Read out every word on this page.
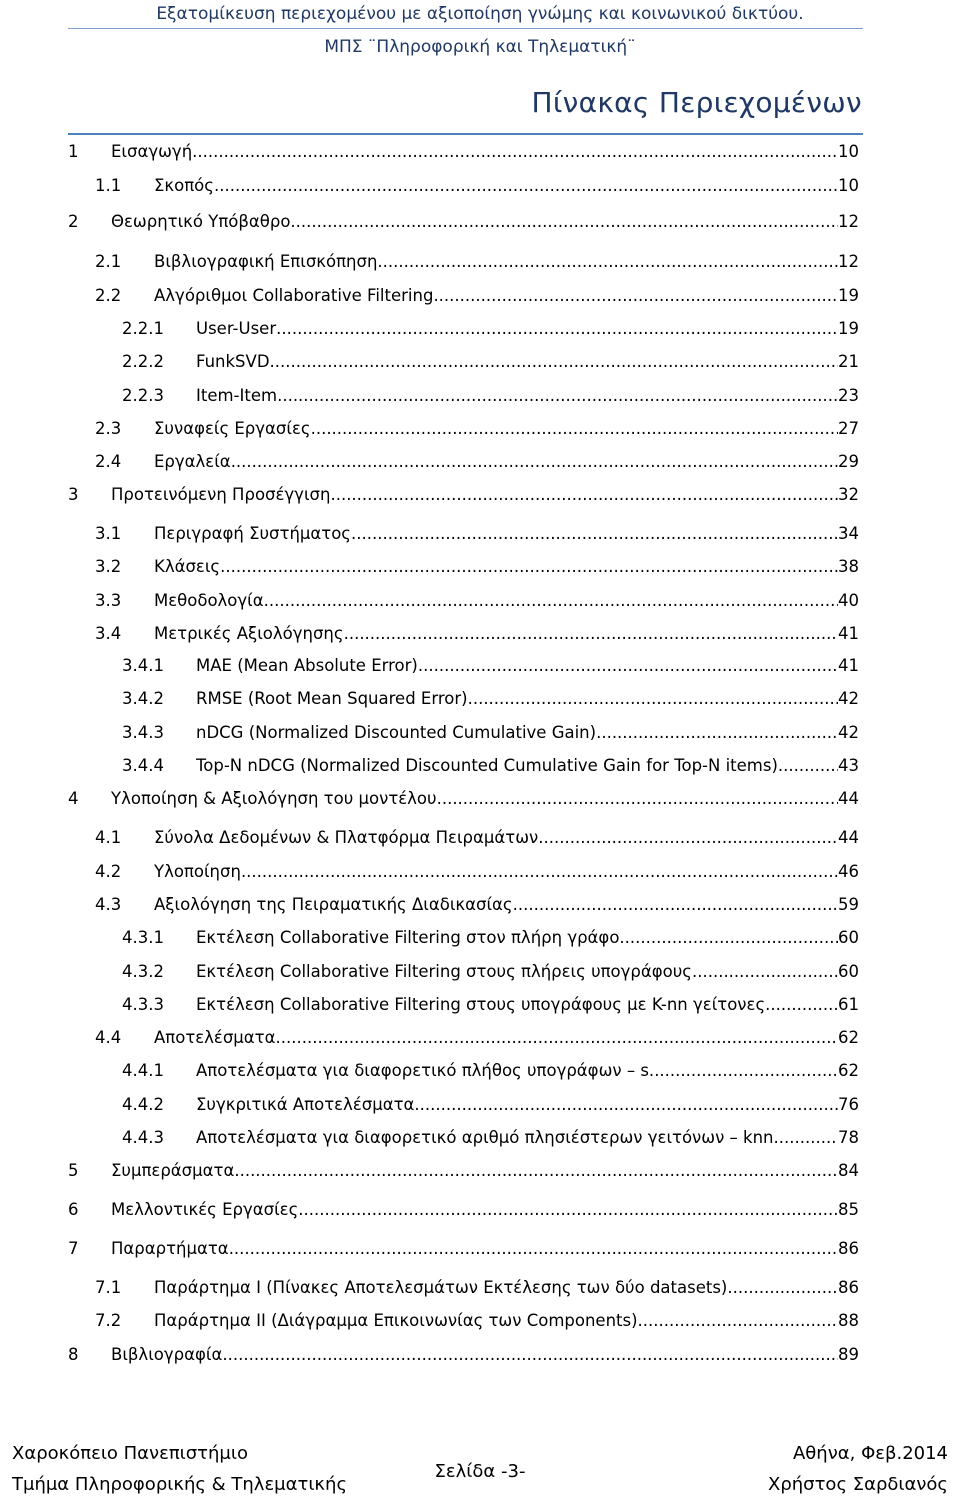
Εξατομίκευση περιεχομένου με αξιοποίηση γνώμης και κοινωνικού δικτύου.
ΜΠΣ ¨Πληροφορική και Τηλεματική¨
Πίνακας Περιεχομένων
1 Εισαγωγή .....	10
1.1 Σκοπός .....	10
2 Θεωρητικό Υπόβαθρο .....	12
2.1 Βιβλιογραφική Επισκόπηση .....	12
2.2 Αλγόριθμοι Collaborative Filtering .....	19
2.2.1 User-User .....	19
2.2.2 FunkSVD .....	21
2.2.3 Item-Item .....	23
2.3 Συναφείς Εργασίες .....	27
2.4 Εργαλεία .....	29
3 Προτεινόμενη Προσέγγιση .....	32
3.1 Περιγραφή Συστήματος .....	34
3.2 Κλάσεις .....	38
3.3 Μεθοδολογία .....	40
3.4 Μετρικές Αξιολόγησης .....	41
3.4.1 MAE (Mean Absolute Error) .....	41
3.4.2 RMSE (Root Mean Squared Error) .....	42
3.4.3 nDCG (Normalized Discounted Cumulative Gain) .....	42
3.4.4 Top-N nDCG (Normalized Discounted Cumulative Gain for Top-N items) .....	43
4 Υλοποίηση & Αξιολόγηση του μοντέλου .....	44
4.1 Σύνολα Δεδομένων & Πλατφόρμα Πειραμάτων. .....	44
4.2 Υλοποίηση .....	46
4.3 Αξιολόγηση της Πειραματικής Διαδικασίας .....	59
4.3.1 Εκτέλεση Collaborative Filtering στον πλήρη γράφο .....	60
4.3.2 Εκτέλεση Collaborative Filtering στους πλήρεις υπογράφους .....	60
4.3.3 Εκτέλεση Collaborative Filtering στους υπογράφους με K-nn γείτονες .....	61
4.4 Αποτελέσματα .....	62
4.4.1 Αποτελέσματα για διαφορετικό πλήθος υπογράφων – s. .....	62
4.4.2 Συγκριτικά Αποτελέσματα. .....	76
4.4.3 Αποτελέσματα για διαφορετικό αριθμό πλησιέστερων γειτόνων – knn .....	78
5 Συμπεράσματα .....	84
6 Μελλοντικές Εργασίες. .....	85
7 Παραρτήματα .....	86
7.1 Παράρτημα Ι (Πίνακες Αποτελεσμάτων Εκτέλεσης των δύο datasets) .....	86
7.2 Παράρτημα ΙΙ (Διάγραμμα Επικοινωνίας των Components) .....	88
8 Βιβλιογραφία. .....	89
Χαροκόπειο Πανεπιστήμιο
Τμήμα Πληροφορικής & Τηλεματικής
Σελίδα -3-
Αθήνα, Φεβ.2014
Χρήστος Σαρδιανός
